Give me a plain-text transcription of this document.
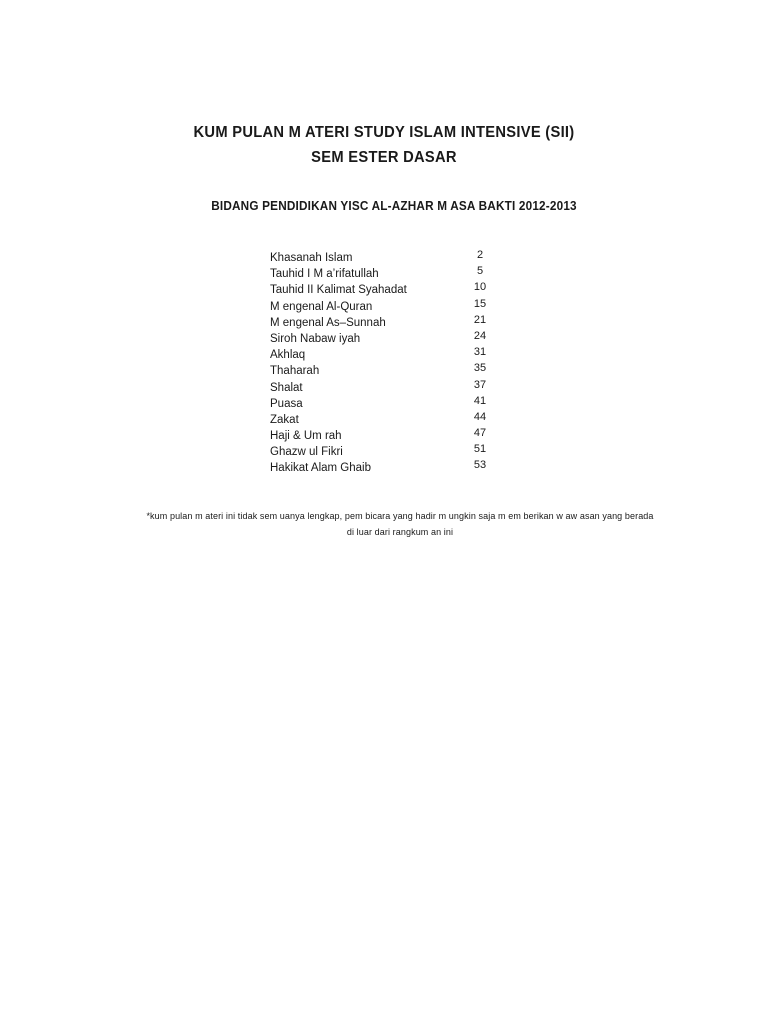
KUM PULAN M ATERI STUDY ISLAM INTENSIVE (SII)
SEM ESTER DASAR
BIDANG PENDIDIKAN YISC AL-AZHAR M ASA BAKTI 2012-2013
Khasanah Islam	2
Tauhid I M a’rifatullah	5
Tauhid II Kalimat Syahadat	10
M engenal Al-Quran	15
M engenal As–Sunnah	21
Siroh Nabaw iyah	24
Akhlaq	31
Thaharah	35
Shalat	37
Puasa	41
Zakat	44
Haji & Um rah	47
Ghazw ul Fikri	51
Hakikat Alam Ghaib	53
*kum pulan m ateri ini tidak sem uanya lengkap, pem bicara yang hadir m ungkin saja m em berikan w aw asan yang berada
di luar dari rangkum an ini
